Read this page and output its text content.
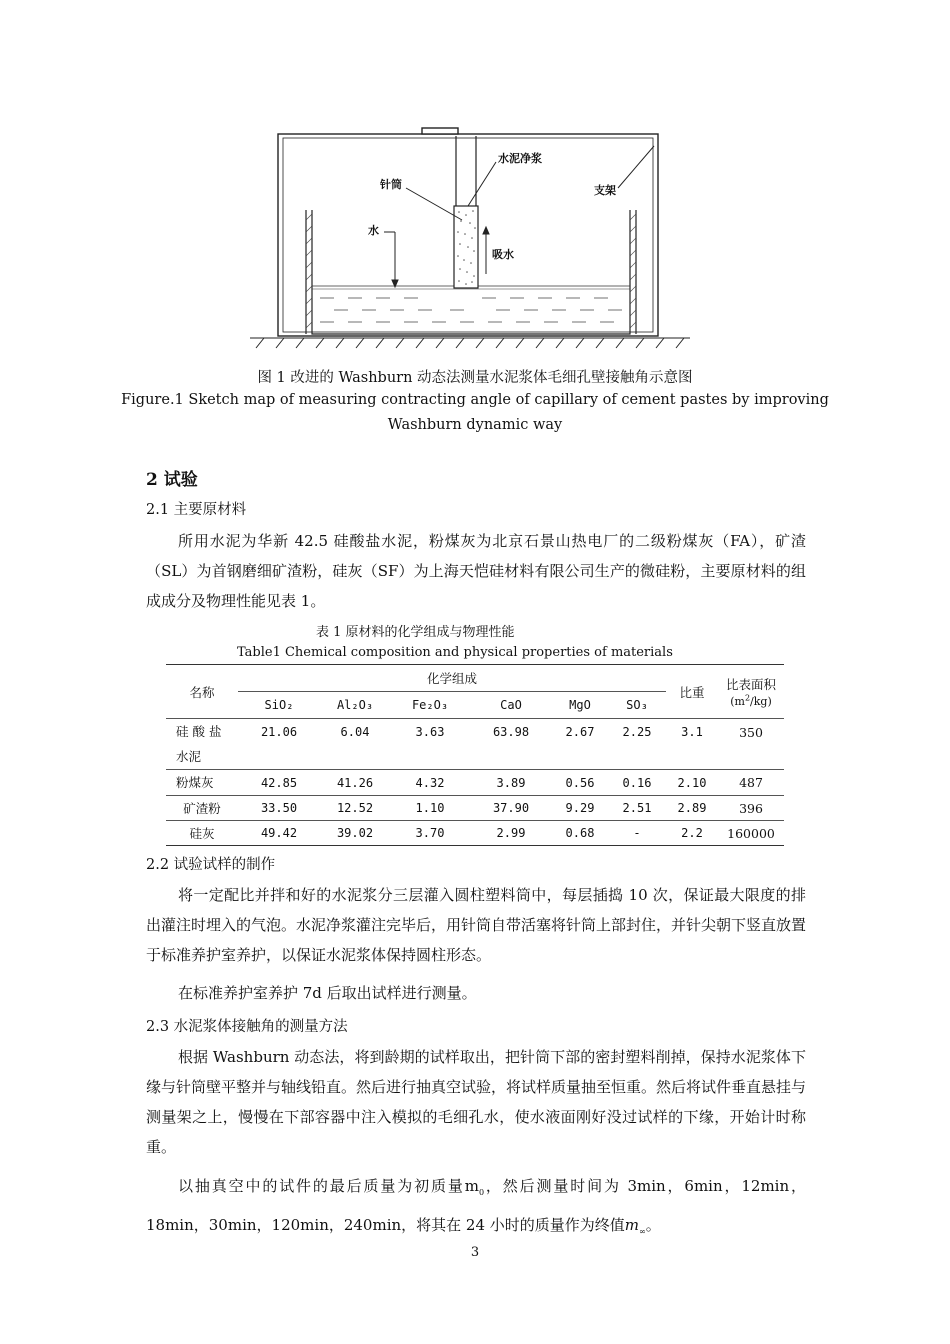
针筒
水泥净浆
支架
水
吸水
图 1 改进的 Washburn 动态法测量水泥浆体毛细孔壁接触角示意图
Figure.1 Sketch map of measuring contracting angle of capillary of cement pastes by improving
Washburn dynamic way
2 试验
2.1 主要原材料

所用水泥为华新 42.5 硅酸盐水泥，粉煤灰为北京石景山热电厂的二级粉煤灰（FA），矿渣（SL）为首钢磨细矿渣粉，硅灰（SF）为上海天恺硅材料有限公司生产的微硅粉，主要原材料的组成成分及物理性能见表 1。

表 1 原材料的化学组成与物理性能
Table1 Chemical composition and physical properties of materials
名称	化学组成						比重	比表面积
$(m^2/kg)$
	SiO₂	Al₂O₃	Fe₂O₃	CaO	MgO	SO₃		
硅 酸 盐
水泥	21.06	6.04	3.63	63.98	2.67	2.25	3.1	350
粉煤灰	42.85	41.26	4.32	3.89	0.56	0.16	2.10	487
矿渣粉	33.50	12.52	1.10	37.90	9.29	2.51	2.89	396
硅灰	49.42	39.02	3.70	2.99	0.68	-	2.2	160000
2.2 试验试样的制作

将一定配比并拌和好的水泥浆分三层灌入圆柱塑料筒中，每层插捣 10 次，保证最大限度的排出灌注时埋入的气泡。水泥净浆灌注完毕后，用针筒自带活塞将针筒上部封住，并针尖朝下竖直放置于标准养护室养护，以保证水泥浆体保持圆柱形态。

在标准养护室养护 7d 后取出试样进行测量。

2.3 水泥浆体接触角的测量方法

根据 Washburn 动态法，将到龄期的试样取出，把针筒下部的密封塑料削掉，保持水泥浆体下缘与针筒壁平整并与轴线铅直。然后进行抽真空试验，将试样质量抽至恒重。然后将试件垂直悬挂与测量架之上，慢慢在下部容器中注入模拟的毛细孔水，使水液面刚好没过试样的下缘，开始计时称重。

以抽真空中的试件的最后质量为初质量$m_0$，然后测量时间为 3min，6min，12min，18min，30min，120min，240min，将其在 24 小时的质量作为终值$m_\infty$。

3
